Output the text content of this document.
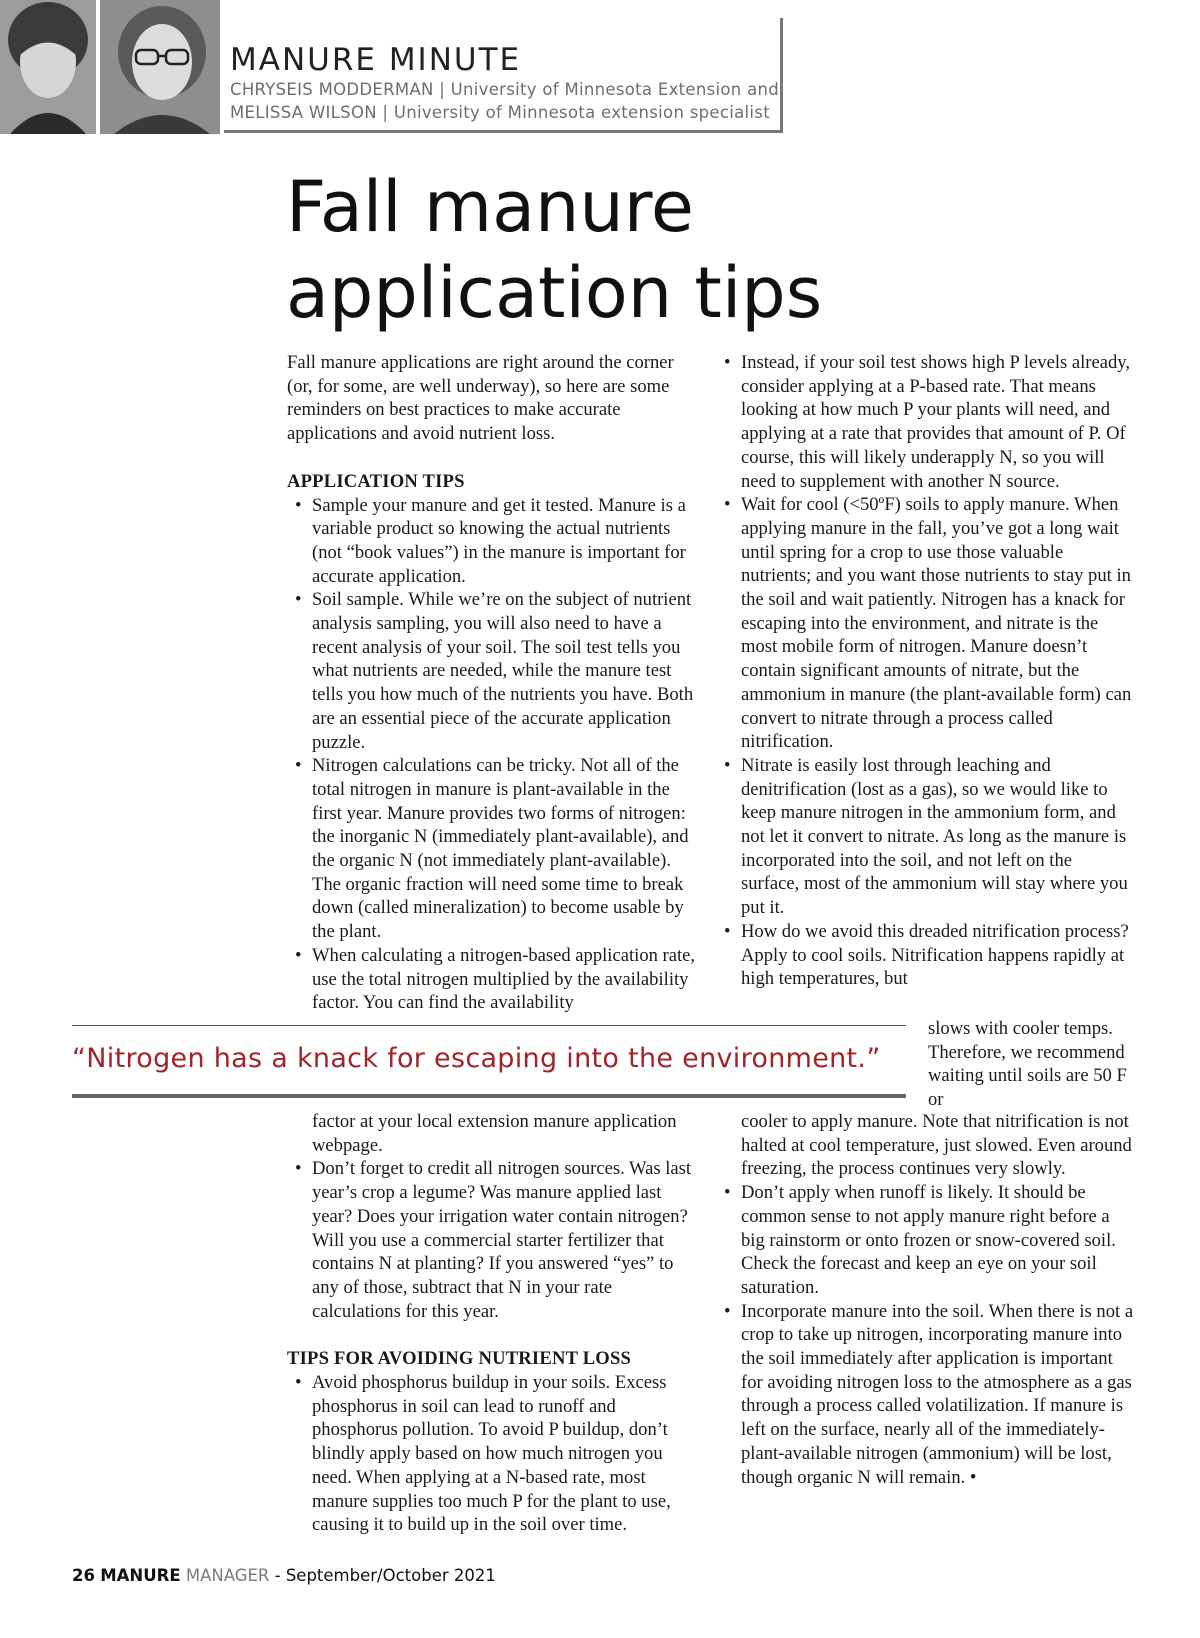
MANURE MINUTE
CHRYSEIS MODDERMAN | University of Minnesota Extension and
MELISSA WILSON | University of Minnesota extension specialist
Fall manure
application tips

Fall manure applications are right around the corner (or, for some, are well underway), so here are some reminders on best practices to make accurate applications and avoid nutrient loss.

APPLICATION TIPS
• Sample your manure and get it tested. Manure is a variable product so knowing the actual nutrients (not “book values”) in the manure is important for accurate application.
• Soil sample. While we’re on the subject of nutrient analysis sampling, you will also need to have a recent analysis of your soil. The soil test tells you what nutrients are needed, while the manure test tells you how much of the nutrients you have. Both are an essential piece of the accurate application puzzle.
• Nitrogen calculations can be tricky. Not all of the total nitrogen in manure is plant-available in the first year. Manure provides two forms of nitrogen: the inorganic N (immediately plant-available), and the organic N (not immediately plant-available). The organic fraction will need some time to break down (called mineralization) to become usable by the plant.
• When calculating a nitrogen-based application rate, use the total nitrogen multiplied by the availability factor. You can find the availability
factor at your local extension manure application webpage.
• Don’t forget to credit all nitrogen sources. Was last year’s crop a legume? Was manure applied last year? Does your irrigation water contain nitrogen? Will you use a commercial starter fertilizer that contains N at planting? If you answered “yes” to any of those, subtract that N in your rate calculations for this year.
TIPS FOR AVOIDING NUTRIENT LOSS
• Avoid phosphorus buildup in your soils. Excess phosphorus in soil can lead to runoff and phosphorus pollution. To avoid P buildup, don’t blindly apply based on how much nitrogen you need. When applying at a N-based rate, most manure supplies too much P for the plant to use, causing it to build up in the soil over time.
• Instead, if your soil test shows high P levels already, consider applying at a P-based rate. That means looking at how much P your plants will need, and applying at a rate that provides that amount of P. Of course, this will likely underapply N, so you will need to supplement with another N source.
• Wait for cool (<50ºF) soils to apply manure. When applying manure in the fall, you’ve got a long wait until spring for a crop to use those valuable nutrients; and you want those nutrients to stay put in the soil and wait patiently. Nitrogen has a knack for escaping into the environment, and nitrate is the most mobile form of nitrogen. Manure doesn’t contain significant amounts of nitrate, but the ammonium in manure (the plant-available form) can convert to nitrate through a process called nitrification.
• Nitrate is easily lost through leaching and denitrification (lost as a gas), so we would like to keep manure nitrogen in the ammonium form, and not let it convert to nitrate. As long as the manure is incorporated into the soil, and not left on the surface, most of the ammonium will stay where you put it.
• How do we avoid this dreaded nitrification process? Apply to cool soils. Nitrification happens rapidly at high temperatures, but

slows with cooler temps. Therefore, we recommend waiting until soils are 50 F or

cooler to apply manure. Note that nitrification is not halted at cool temperature, just slowed. Even around freezing, the process continues very slowly.
• Don’t apply when runoff is likely. It should be common sense to not apply manure right before a big rainstorm or onto frozen or snow-covered soil. Check the forecast and keep an eye on your soil saturation.
• Incorporate manure into the soil. When there is not a crop to take up nitrogen, incorporating manure into the soil immediately after application is important for avoiding nitrogen loss to the atmosphere as a gas through a process called volatilization. If manure is left on the surface, nearly all of the immediately-plant-available nitrogen (ammonium) will be lost, though organic N will remain. •
“Nitrogen has a knack for escaping into the environment.”
26 MANURE MANAGER - September/October 2021
